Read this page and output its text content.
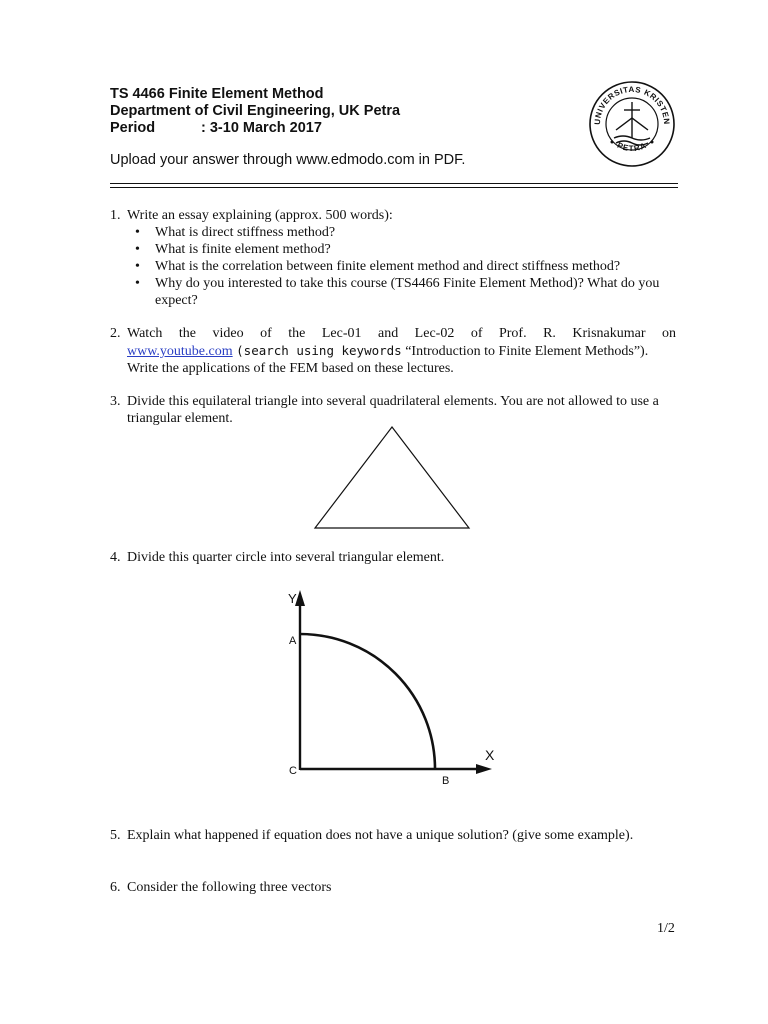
TS 4466 Finite Element Method
Department of Civil Engineering, UK Petra
Period	: 3-10 March 2017
Upload your answer through www.edmodo.com in PDF.
UNIVERSITAS KRISTEN
PETRA
1. Write an essay explaining (approx. 500 words):
• What is direct stiffness method?
• What is finite element method?
• What is the correlation between finite element method and direct stiffness method?
• Why do you interested to take this course (TS4466 Finite Element Method)? What do you expect?
2. Watch the video of the Lec-01 and Lec-02 of Prof. R. Krisnakumar on
www.youtube.com (search using keywords “Introduction to Finite Element Methods”).
Write the applications of the FEM based on these lectures.
3. Divide this equilateral triangle into several quadrilateral elements. You are not allowed to use a triangular element.
4. Divide this quarter circle into several triangular element.
Y
X
A
B
C
5. Explain what happened if equation does not have a unique solution? (give some example).
6. Consider the following three vectors
1/2
